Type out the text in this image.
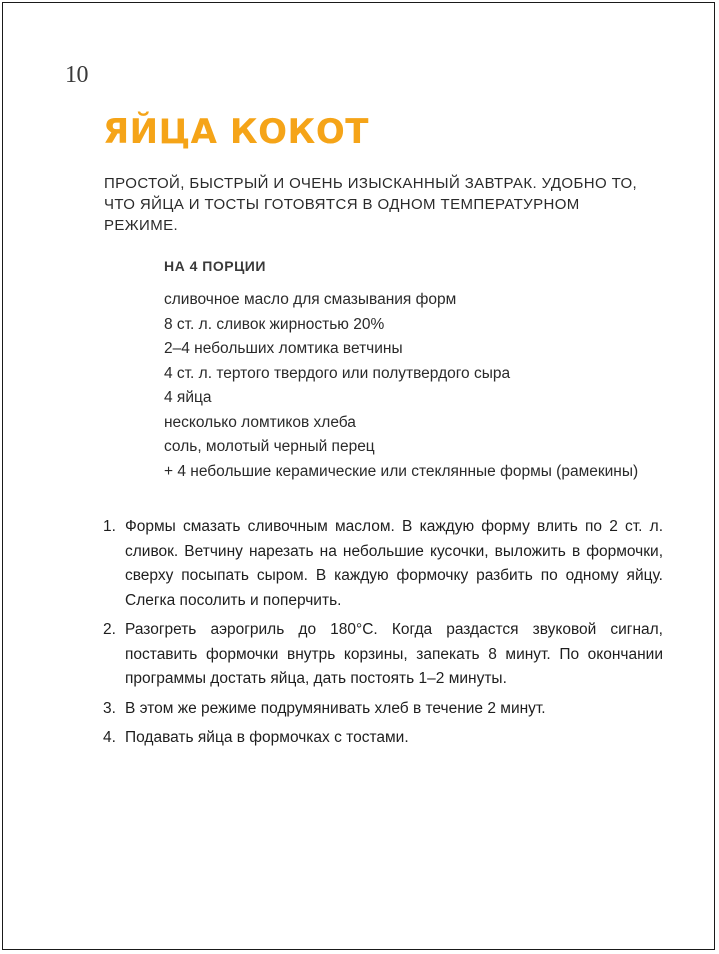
10
ЯЙЦА КОКОТ

ПРОСТОЙ, БЫСТРЫЙ И ОЧЕНЬ ИЗЫСКАННЫЙ ЗАВТРАК. УДОБНО ТО, ЧТО ЯЙЦА И ТОСТЫ ГОТОВЯТСЯ В ОДНОМ ТЕМПЕРАТУРНОМ РЕЖИМЕ.

НА 4 ПОРЦИИ
сливочное масло для смазывания форм
8 ст. л. сливок жирностью 20%
2–4 небольших ломтика ветчины
4 ст. л. тертого твердого или полутвердого сыра
4 яйца
несколько ломтиков хлеба
соль, молотый черный перец
+ 4 небольшие керамические или стеклянные формы (рамекины)
1. Формы смазать сливочным маслом. В каждую форму влить по 2 ст. л. сливок. Ветчину нарезать на небольшие кусочки, выложить в формочки, сверху посыпать сыром. В каждую формочку разбить по одному яйцу. Слегка посолить и поперчить.
2. Разогреть аэрогриль до 180°С. Когда раздастся звуковой сигнал, поставить формочки внутрь корзины, запекать 8 минут. По окончании программы достать яйца, дать постоять 1–2 минуты.
3. В этом же режиме подрумянивать хлеб в течение 2 минут.
4. Подавать яйца в формочках с тостами.
